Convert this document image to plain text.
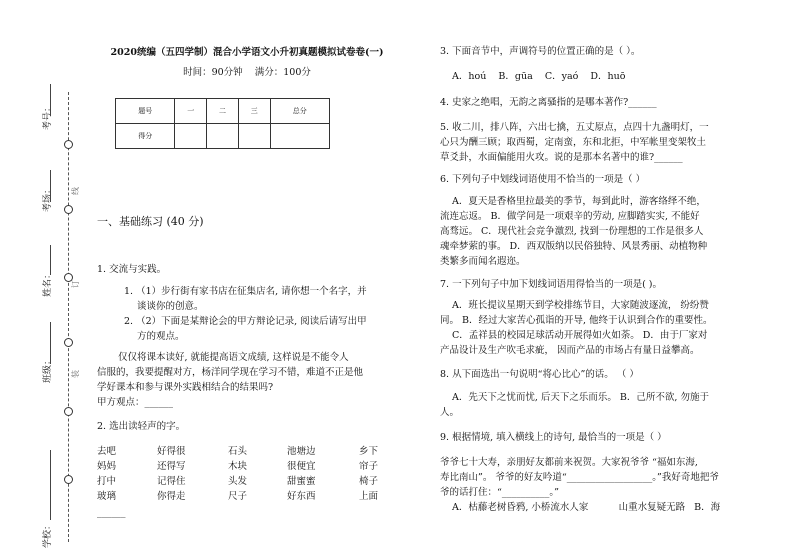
考号：
考场：
姓名：
班级：
学校：
线
订
装
2020统编（五四学制）混合小学语文小升初真题模拟试卷卷(一)
时间：90分钟    满分：100分
题号	一	二	三	总分
得分				
一、基础练习 (40 分)
1. 交流与实践。
1. （1）步行街有家书店在征集店名, 请你想一个名字，并
谈谈你的创意。
2. （2）下面是某辩论会的甲方辩论记录, 阅读后请写出甲
方的观点。
仅仅将课本读好, 就能提高语文成绩, 这样说是不能令人
信服的，我要提醒对方，杨洋同学现在学习不错，难道不正是他
学好课本和参与课外实践相结合的结果吗?
甲方观点：______
2. 选出读轻声的字。
去吧	好得很	石头	池塘边	乡下
妈妈	还得写	木块	很便宜	帘子
打中	记得住	头发	甜蜜蜜	椅子
玻璃	你得走	尺子	好东西	上面
______
3. 下面音节中，声调符号的位置正确的是（ ）。
A．hoú    B．gūa    C．yaó    D．huō
4. 史家之绝唱，无韵之离骚指的是哪本著作?______
5. 收二川，排八阵，六出七擒，五丈原点，点四十九盏明灯，一
心只为酬三顾；取西蜀，定南蛮，东和北拒，中军帐里变架牧土
草爻卦，水面偏能用火攻。说的是那本名著中的谁?______
6. 下列句子中划线词语使用不恰当的一项是（ ）
A．夏天是香格里拉最美的季节，每到此时，游客络绎不绝，
流连忘返。 B．做学问是一项艰辛的劳动, 应脚踏实实, 不能好
高骛远。 C．现代社会竞争激烈, 找到一份理想的工作是很多人
魂牵梦萦的事。 D．西双版纳以民俗独特、风景秀丽、动植物种
类繁多而闻名遐迩。
7. 一下列句子中加下划线词语用得恰当的一项是( )。
A．班长提议星期天到学校排练节目，大家随波逐流， 纷纷赞
同。 B．经过大家苦心孤诣的开导, 他终于认识到合作的重要性。
C．孟祥县的校园足球活动开展得如火如荼。 D．由于厂家对
产品设计及生产吹毛求疵， 因而产品的市场占有量日益攀高。
8. 从下面选出一句说明“将心比心”的话。 （ ）
A．先天下之忧而忧, 后天下之乐而乐。 B．己所不欲, 勿施于
人。
9. 根据情境, 填入横线上的诗句, 最恰当的一项是（ ）
爷爷七十大寿，亲朋好友都前来祝贺。大家祝爷爷 “福如东海,
寿比南山”。 爷爷的好友吟道“__________________。”我好奇地把爷
爷的话打住：“__________。”
A．枯藤老树昏鸦, 小桥流水人家          山重水复疑无路   B．海
